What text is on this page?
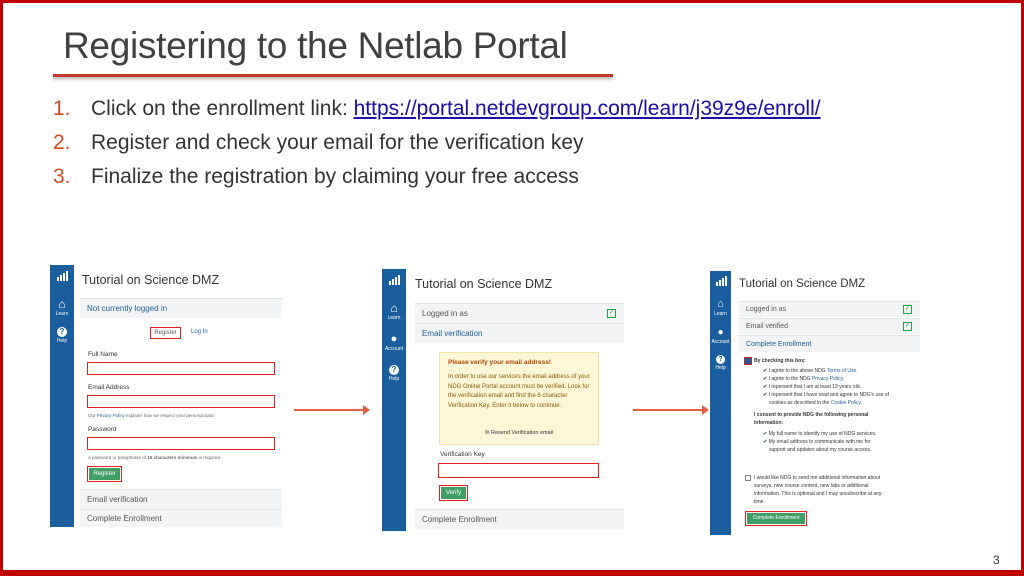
Registering to the Netlab Portal
1. Click on the enrollment link: https://portal.netdevgroup.com/learn/j39z9e/enroll/
2. Register and check your email for the verification key
3. Finalize the registration by claiming your free access
⌂
Learn
?
Help
Tutorial on Science DMZ
Not currently logged in
Register	Log In
Full Name
Email Address
Our Privacy Policy explains how we respect your personal data.
Password
A password or passphrase of 15 characters minimum is required.
Register
Email verification
Complete Enrollment
⌂
Learn
●
Account
?
Help
Tutorial on Science DMZ
Logged in as	✓
Email verification
Please verify your email address!
In order to use our services the email address of your NDG Online Portal account must be verified. Look for the verification email and find the 6 character Verification Key. Enter it below to continue.
✉ Resend Verification email
Verification Key
Verify
Complete Enrollment
⌂
Learn
●
Account
?
Help
Tutorial on Science DMZ
Logged in as	✓
Email verified	✓
Complete Enrollment
By checking this box:
✔ I agree to the above NDG Terms of Use.
✔ I agree to the NDG Privacy Policy.
✔ I represent that I am at least 13 years old.
✔ I represent that I have read and agree to NDG's use of
cookies as described in the Cookie Policy.
I consent to provide NDG the following personal
information:
✔ My full name to identify my use of NDG services.
✔ My email address to communicate with me for
support and updates about my course access.
I would like NDG to send me additional information about
surveys, new course content, new labs or additional
information. This is optional and I may unsubscribe at any
time.
Complete Enrollment
3
